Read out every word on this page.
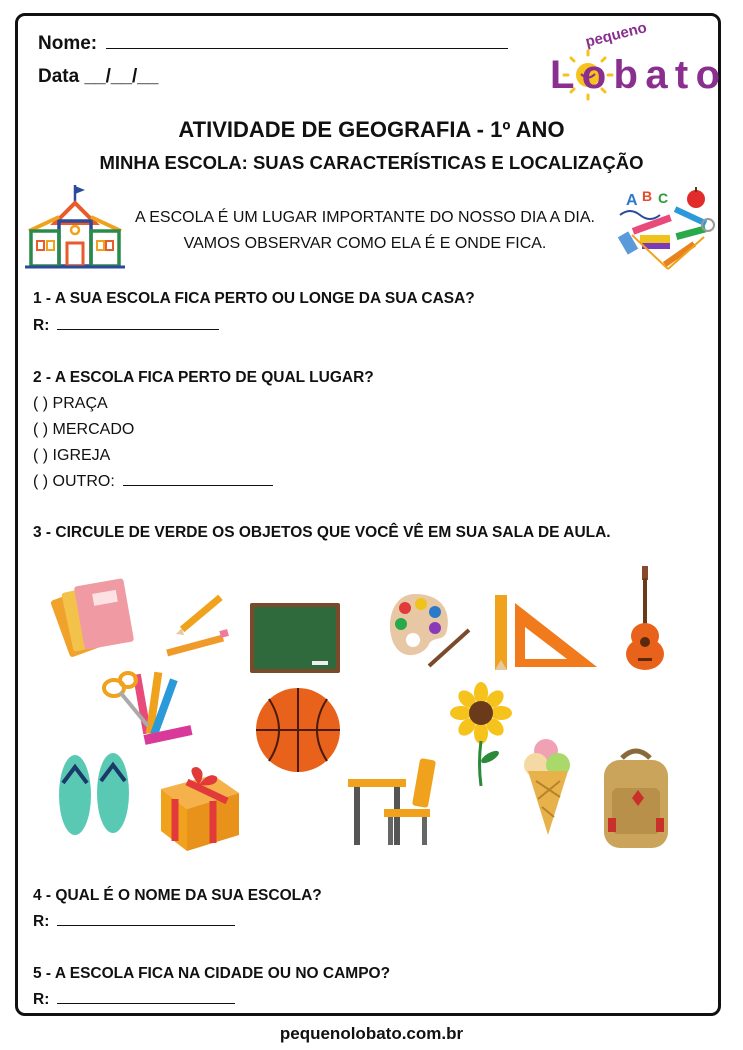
Nome:
Data __/__/__
pequeno
Lobato
ATIVIDADE DE GEOGRAFIA - 1º ANO
MINHA ESCOLA: SUAS CARACTERÍSTICAS E LOCALIZAÇÃO
A ESCOLA É UM LUGAR IMPORTANTE DO NOSSO DIA A DIA. VAMOS OBSERVAR COMO ELA É E ONDE FICA.
A B C
1 - A SUA ESCOLA FICA PERTO OU LONGE DA SUA CASA?
R:
2 - A ESCOLA FICA PERTO DE QUAL LUGAR?
( ) PRAÇA
( ) MERCADO
( ) IGREJA
( ) OUTRO:
3 - CIRCULE DE VERDE OS OBJETOS QUE VOCÊ VÊ EM SUA SALA DE AULA.
4 - QUAL É O NOME DA SUA ESCOLA?
R:
5 - A ESCOLA FICA NA CIDADE OU NO CAMPO?
R:
pequenolobato.com.br
